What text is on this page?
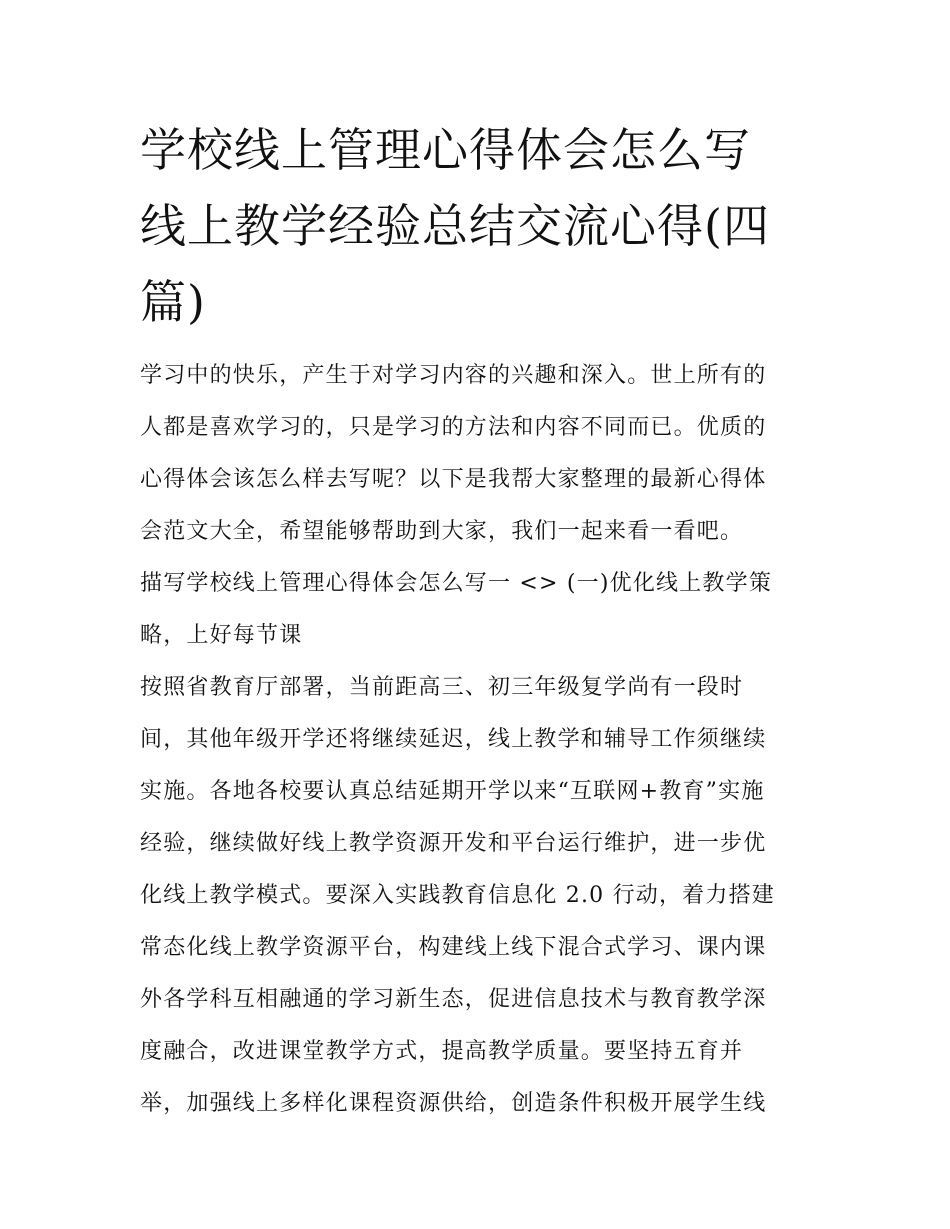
学校线上管理心得体会怎么写
线上教学经验总结交流心得(四
篇)
学习中的快乐，产生于对学习内容的兴趣和深入。世上所有的
人都是喜欢学习的，只是学习的方法和内容不同而已。优质的
心得体会该怎么样去写呢？以下是我帮大家整理的最新心得体
会范文大全，希望能够帮助到大家，我们一起来看一看吧。
描写学校线上管理心得体会怎么写一 <> (一)优化线上教学策
略，上好每节课
按照省教育厅部署，当前距高三、初三年级复学尚有一段时
间，其他年级开学还将继续延迟，线上教学和辅导工作须继续
实施。各地各校要认真总结延期开学以来“互联网+教育”实施
经验，继续做好线上教学资源开发和平台运行维护，进一步优
化线上教学模式。要深入实践教育信息化 2.0 行动，着力搭建
常态化线上教学资源平台，构建线上线下混合式学习、课内课
外各学科互相融通的学习新生态，促进信息技术与教育教学深
度融合，改进课堂教学方式，提高教学质量。要坚持五育并
举，加强线上多样化课程资源供给，创造条件积极开展学生线
